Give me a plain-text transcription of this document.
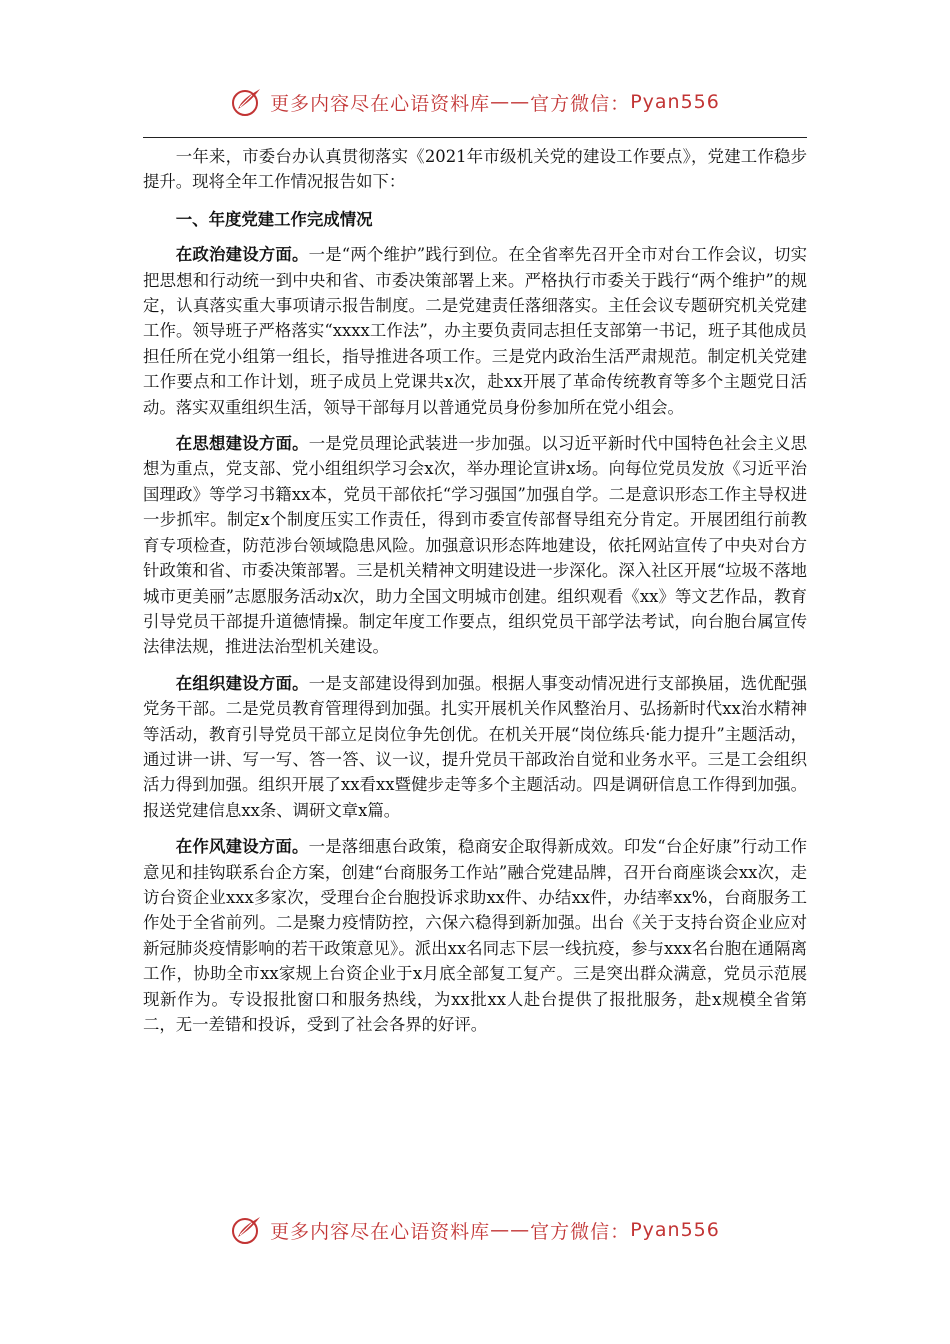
更多内容尽在心语资料库 —— 官方微信： Pyan556

一年来，市委台办认真贯彻落实《2021年市级机关党的建设工作要点》，党建工作稳步提升。现将全年工作情况报告如下：

一、年度党建工作完成情况

在政治建设方面。一是“两个维护”践行到位。在全省率先召开全市对台工作会议，切实把思想和行动统一到中央和省、市委决策部署上来。严格执行市委关于践行“两个维护”的规定，认真落实重大事项请示报告制度。二是党建责任落细落实。主任会议专题研究机关党建工作。领导班子严格落实“xxxx工作法”，办主要负责同志担任支部第一书记，班子其他成员担任所在党小组第一组长，指导推进各项工作。三是党内政治生活严肃规范。制定机关党建工作要点和工作计划，班子成员上党课共x次，赴xx开展了革命传统教育等多个主题党日活动。落实双重组织生活，领导干部每月以普通党员身份参加所在党小组会。

在思想建设方面。一是党员理论武装进一步加强。以习近平新时代中国特色社会主义思想为重点，党支部、党小组组织学习会x次，举办理论宣讲x场。向每位党员发放《习近平治国理政》等学习书籍xx本，党员干部依托“学习强国”加强自学。二是意识形态工作主导权进一步抓牢。制定x个制度压实工作责任，得到市委宣传部督导组充分肯定。开展团组行前教育专项检查，防范涉台领域隐患风险。加强意识形态阵地建设，依托网站宣传了中央对台方针政策和省、市委决策部署。三是机关精神文明建设进一步深化。深入社区开展“垃圾不落地城市更美丽”志愿服务活动x次，助力全国文明城市创建。组织观看《xx》等文艺作品，教育引导党员干部提升道德情操。制定年度工作要点，组织党员干部学法考试，向台胞台属宣传法律法规，推进法治型机关建设。

在组织建设方面。一是支部建设得到加强。根据人事变动情况进行支部换届，选优配强党务干部。二是党员教育管理得到加强。扎实开展机关作风整治月、弘扬新时代xx治水精神等活动，教育引导党员干部立足岗位争先创优。在机关开展“岗位练兵·能力提升”主题活动，通过讲一讲、写一写、答一答、议一议，提升党员干部政治自觉和业务水平。三是工会组织活力得到加强。组织开展了xx看xx暨健步走等多个主题活动。四是调研信息工作得到加强。报送党建信息xx条、调研文章x篇。

在作风建设方面。一是落细惠台政策，稳商安企取得新成效。印发“台企好康”行动工作意见和挂钩联系台企方案，创建“台商服务工作站”融合党建品牌，召开台商座谈会xx次，走访台资企业xxx多家次，受理台企台胞投诉求助xx件、办结xx件，办结率xx%，台商服务工作处于全省前列。二是聚力疫情防控，六保六稳得到新加强。出台《关于支持台资企业应对新冠肺炎疫情影响的若干政策意见》。派出xx名同志下层一线抗疫，参与xxx名台胞在通隔离工作，协助全市xx家规上台资企业于x月底全部复工复产。三是突出群众满意，党员示范展现新作为。专设报批窗口和服务热线，为xx批xx人赴台提供了报批服务，赴x规模全省第二，无一差错和投诉，受到了社会各界的好评。

更多内容尽在心语资料库 —— 官方微信： Pyan556
